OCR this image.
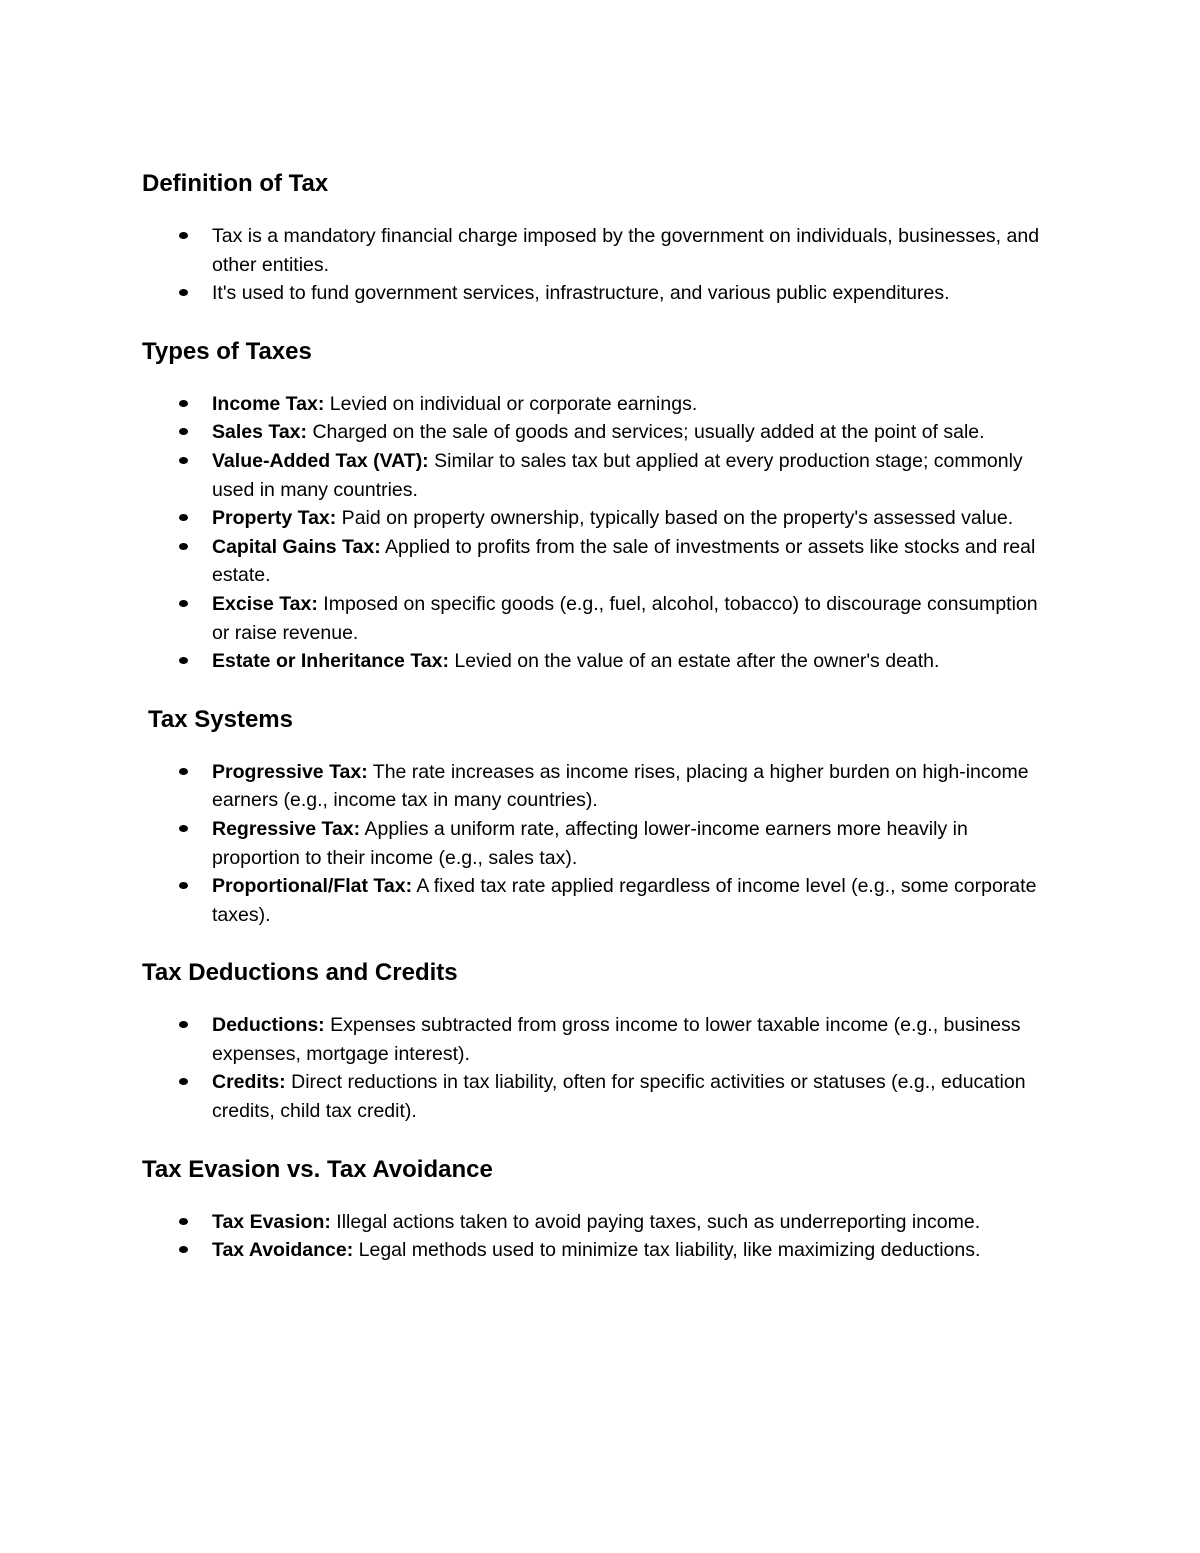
Definition of Tax
Tax is a mandatory financial charge imposed by the government on individuals, businesses, and other entities.
It's used to fund government services, infrastructure, and various public expenditures.
Types of Taxes
Income Tax: Levied on individual or corporate earnings.
Sales Tax: Charged on the sale of goods and services; usually added at the point of sale.
Value-Added Tax (VAT): Similar to sales tax but applied at every production stage; commonly used in many countries.
Property Tax: Paid on property ownership, typically based on the property's assessed value.
Capital Gains Tax: Applied to profits from the sale of investments or assets like stocks and real estate.
Excise Tax: Imposed on specific goods (e.g., fuel, alcohol, tobacco) to discourage consumption or raise revenue.
Estate or Inheritance Tax: Levied on the value of an estate after the owner's death.
Tax Systems
Progressive Tax: The rate increases as income rises, placing a higher burden on high-income earners (e.g., income tax in many countries).
Regressive Tax: Applies a uniform rate, affecting lower-income earners more heavily in proportion to their income (e.g., sales tax).
Proportional/Flat Tax: A fixed tax rate applied regardless of income level (e.g., some corporate taxes).
Tax Deductions and Credits
Deductions: Expenses subtracted from gross income to lower taxable income (e.g., business expenses, mortgage interest).
Credits: Direct reductions in tax liability, often for specific activities or statuses (e.g., education credits, child tax credit).
Tax Evasion vs. Tax Avoidance
Tax Evasion: Illegal actions taken to avoid paying taxes, such as underreporting income.
Tax Avoidance: Legal methods used to minimize tax liability, like maximizing deductions.
